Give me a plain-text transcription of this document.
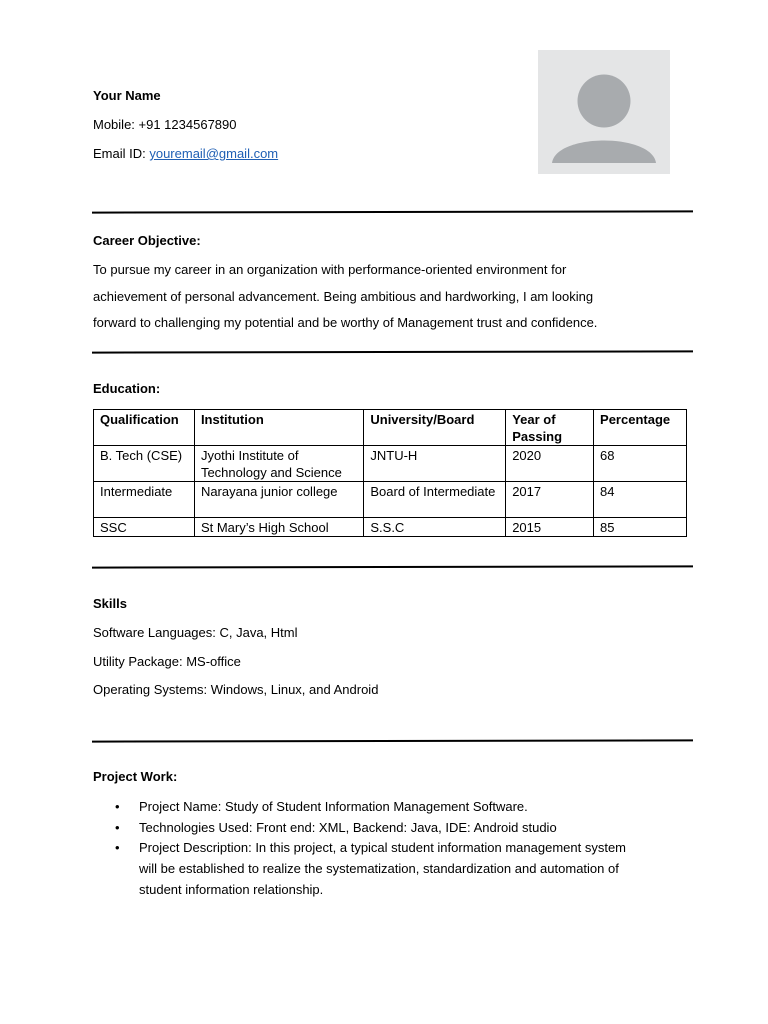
Your Name
Mobile: +91 1234567890
Email ID: youremail@gmail.com
Career Objective:
To pursue my career in an organization with performance-oriented environment for
achievement of personal advancement. Being ambitious and hardworking, I am looking
forward to challenging my potential and be worthy of Management trust and confidence.
Education:
Qualification	Institution	University/Board	Year of Passing	Percentage
B. Tech (CSE)	Jyothi Institute of Technology and Science	JNTU-H	2020	68
Intermediate	Narayana junior college	Board of Intermediate	2017	84
SSC	St Mary’s High School	S.S.C	2015	85
Skills
Software Languages: C, Java, Html
Utility Package: MS-office
Operating Systems: Windows, Linux, and Android
Project Work:
• Project Name: Study of Student Information Management Software.
• Technologies Used: Front end: XML, Backend: Java, IDE: Android studio
• Project Description: In this project, a typical student information management system will be established to realize the systematization, standardization and automation of student information relationship.
